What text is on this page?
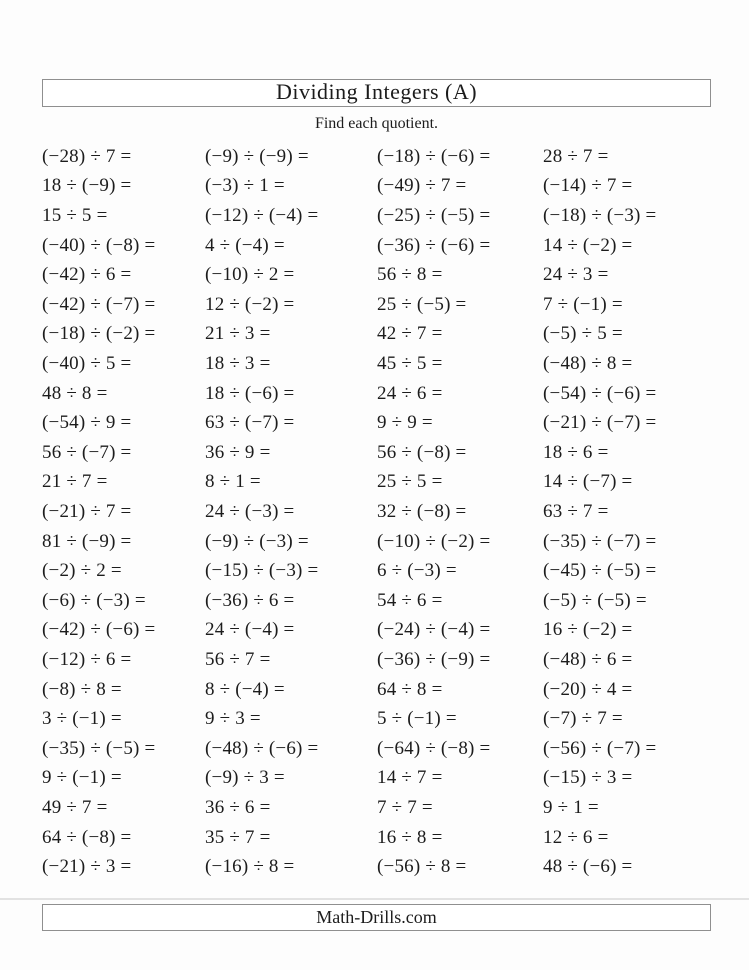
Dividing Integers (A)
Find each quotient.
(−28) ÷ 7 =
18 ÷ (−9) =
15 ÷ 5 =
(−40) ÷ (−8) =
(−42) ÷ 6 =
(−42) ÷ (−7) =
(−18) ÷ (−2) =
(−40) ÷ 5 =
48 ÷ 8 =
(−54) ÷ 9 =
56 ÷ (−7) =
21 ÷ 7 =
(−21) ÷ 7 =
81 ÷ (−9) =
(−2) ÷ 2 =
(−6) ÷ (−3) =
(−42) ÷ (−6) =
(−12) ÷ 6 =
(−8) ÷ 8 =
3 ÷ (−1) =
(−35) ÷ (−5) =
9 ÷ (−1) =
49 ÷ 7 =
64 ÷ (−8) =
(−21) ÷ 3 =
(−9) ÷ (−9) =
(−3) ÷ 1 =
(−12) ÷ (−4) =
4 ÷ (−4) =
(−10) ÷ 2 =
12 ÷ (−2) =
21 ÷ 3 =
18 ÷ 3 =
18 ÷ (−6) =
63 ÷ (−7) =
36 ÷ 9 =
8 ÷ 1 =
24 ÷ (−3) =
(−9) ÷ (−3) =
(−15) ÷ (−3) =
(−36) ÷ 6 =
24 ÷ (−4) =
56 ÷ 7 =
8 ÷ (−4) =
9 ÷ 3 =
(−48) ÷ (−6) =
(−9) ÷ 3 =
36 ÷ 6 =
35 ÷ 7 =
(−16) ÷ 8 =
(−18) ÷ (−6) =
(−49) ÷ 7 =
(−25) ÷ (−5) =
(−36) ÷ (−6) =
56 ÷ 8 =
25 ÷ (−5) =
42 ÷ 7 =
45 ÷ 5 =
24 ÷ 6 =
9 ÷ 9 =
56 ÷ (−8) =
25 ÷ 5 =
32 ÷ (−8) =
(−10) ÷ (−2) =
6 ÷ (−3) =
54 ÷ 6 =
(−24) ÷ (−4) =
(−36) ÷ (−9) =
64 ÷ 8 =
5 ÷ (−1) =
(−64) ÷ (−8) =
14 ÷ 7 =
7 ÷ 7 =
16 ÷ 8 =
(−56) ÷ 8 =
28 ÷ 7 =
(−14) ÷ 7 =
(−18) ÷ (−3) =
14 ÷ (−2) =
24 ÷ 3 =
7 ÷ (−1) =
(−5) ÷ 5 =
(−48) ÷ 8 =
(−54) ÷ (−6) =
(−21) ÷ (−7) =
18 ÷ 6 =
14 ÷ (−7) =
63 ÷ 7 =
(−35) ÷ (−7) =
(−45) ÷ (−5) =
(−5) ÷ (−5) =
16 ÷ (−2) =
(−48) ÷ 6 =
(−20) ÷ 4 =
(−7) ÷ 7 =
(−56) ÷ (−7) =
(−15) ÷ 3 =
9 ÷ 1 =
12 ÷ 6 =
48 ÷ (−6) =
Math-Drills.com
